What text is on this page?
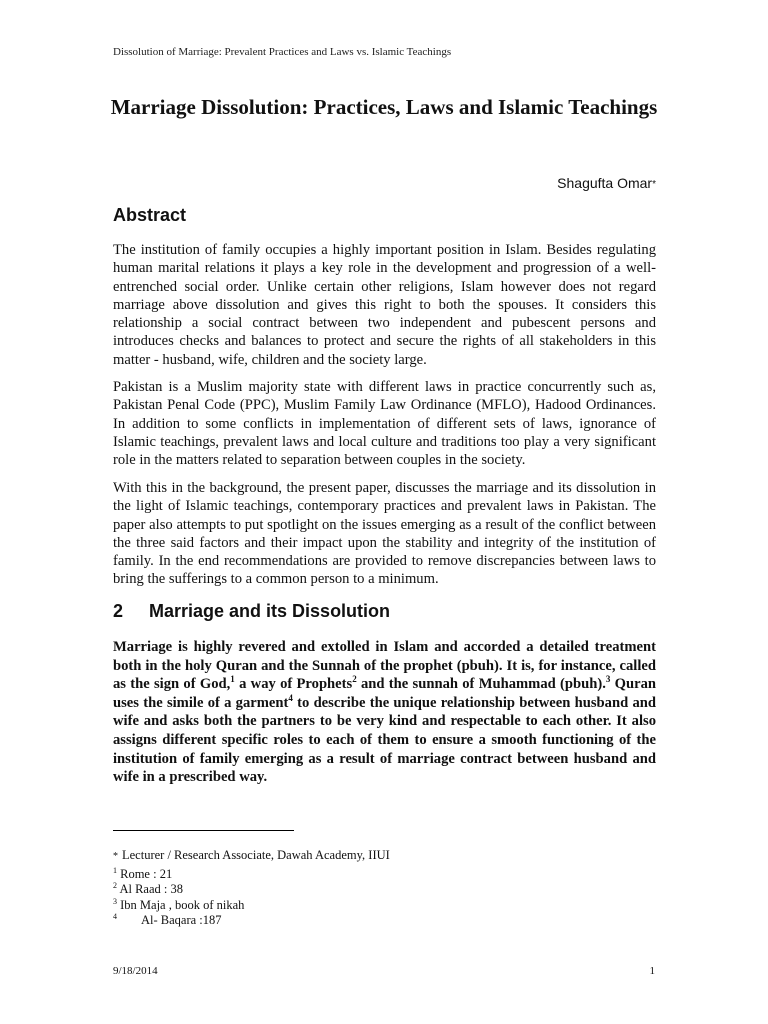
Dissolution of Marriage: Prevalent Practices and Laws vs. Islamic Teachings
Marriage Dissolution: Practices, Laws and Islamic Teachings
Shagufta Omar*
Abstract

The institution of family occupies a highly important position in Islam. Besides regulating human marital relations it plays a key role in the development and progression of a well-entrenched social order. Unlike certain other religions, Islam however does not regard marriage above dissolution and gives this right to both the spouses. It considers this relationship a social contract between two independent and pubescent persons and introduces checks and balances to protect and secure the rights of all stakeholders in this matter - husband, wife, children and the society large.

Pakistan is a Muslim majority state with different laws in practice concurrently such as, Pakistan Penal Code (PPC), Muslim Family Law Ordinance (MFLO), Hadood Ordinances. In addition to some conflicts in implementation of different sets of laws, ignorance of Islamic teachings, prevalent laws and local culture and traditions too play a very significant role in the matters related to separation between couples in the society.

With this in the background, the present paper, discusses the marriage and its dissolution in the light of Islamic teachings, contemporary practices and prevalent laws in Pakistan. The paper also attempts to put spotlight on the issues emerging as a result of the conflict between the three said factors and their impact upon the stability and integrity of the institution of family. In the end recommendations are provided to remove discrepancies between laws to bring the sufferings to a common person to a minimum.

2 Marriage and its Dissolution

Marriage is highly revered and extolled in Islam and accorded a detailed treatment both in the holy Quran and the Sunnah of the prophet (pbuh). It is, for instance, called as the sign of God,$^1$ a way of Prophets$^2$ and the sunnah of Muhammad (pbuh).$^3$ Quran uses the simile of a garment$^4$ to describe the unique relationship between husband and wife and asks both the partners to be very kind and respectable to each other. It also assigns different specific roles to each of them to ensure a smooth functioning of the institution of family emerging as a result of marriage contract between husband and wife in a prescribed way.

* Lecturer / Research Associate, Dawah Academy, IIUI
$^1$ Rome : 21
$^2$ Al Raad : 38
$^3$ Ibn Maja , book of nikah
$^4$ Al- Baqara :187
9/18/2014	1
